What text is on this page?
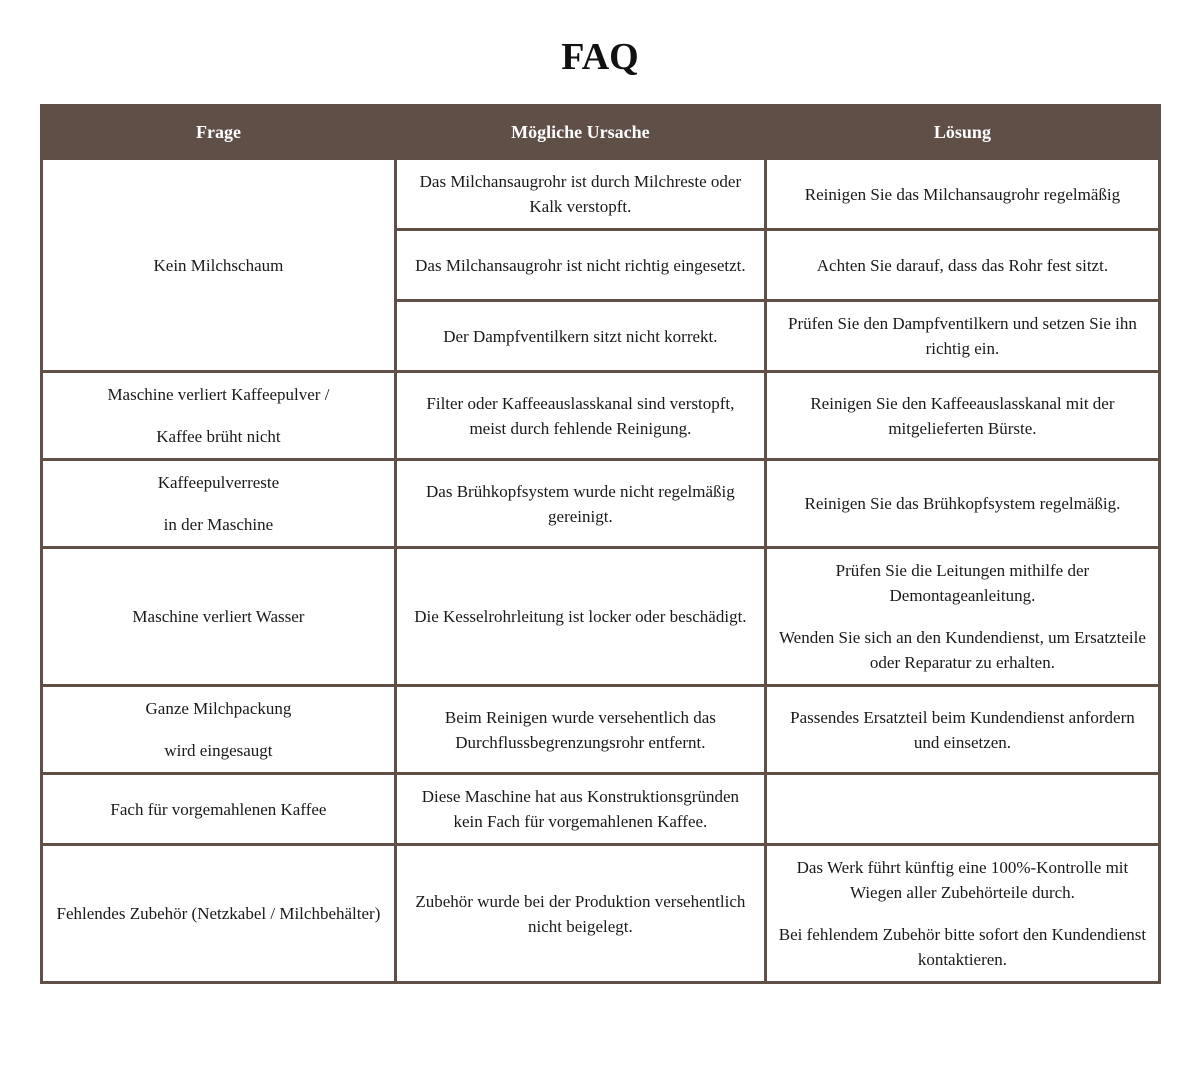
FAQ
Frage	Mögliche Ursache	Lösung
Kein Milchschaum	Das Milchansaugrohr ist durch Milchreste oder Kalk verstopft.	Reinigen Sie das Milchansaugrohr regelmäßig

	Das Milchansaugrohr ist nicht richtig eingesetzt.	Achten Sie darauf, dass das Rohr fest sitzt.

	Der Dampfventilkern sitzt nicht korrekt.	Prüfen Sie den Dampfventilkern und setzen Sie ihn richtig ein.

Maschine verliert Kaffeepulver /
Kaffee brüht nicht	Filter oder Kaffeeauslasskanal sind verstopft, meist durch fehlende Reinigung.	Reinigen Sie den Kaffeeauslasskanal mit der mitgelieferten Bürste.

Kaffeepulverreste
in der Maschine	Das Brühkopfsystem wurde nicht regelmäßig gereinigt.	Reinigen Sie das Brühkopfsystem regelmäßig.

Maschine verliert Wasser	Die Kesselrohrleitung ist locker oder beschädigt.	Prüfen Sie die Leitungen mithilfe der Demontageanleitung.
Wenden Sie sich an den Kundendienst, um Ersatzteile oder Reparatur zu erhalten.

Ganze Milchpackung
wird eingesaugt	Beim Reinigen wurde versehentlich das Durchflussbegrenzungsrohr entfernt.	Passendes Ersatzteil beim Kundendienst anfordern und einsetzen.

Fach für vorgemahlenen Kaffee	Diese Maschine hat aus Konstruktionsgründen kein Fach für vorgemahlenen Kaffee.	
Fehlendes Zubehör (Netzkabel / Milchbehälter)	Zubehör wurde bei der Produktion versehentlich nicht beigelegt.	Das Werk führt künftig eine 100%-Kontrolle mit Wiegen aller Zubehörteile durch.
Bei fehlendem Zubehör bitte sofort den Kundendienst kontaktieren.
